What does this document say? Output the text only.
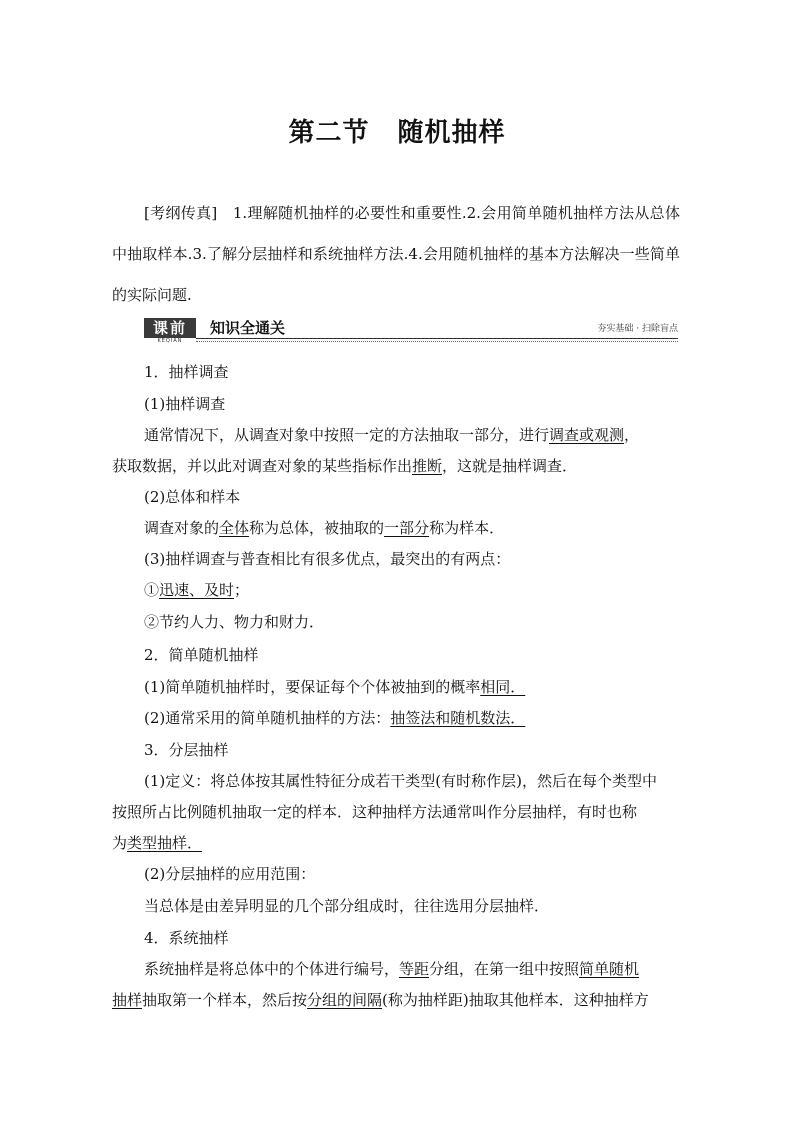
第二节 随机抽样
[考纲传真]　1.理解随机抽样的必要性和重要性.2.会用简单随机抽样方法从总体中抽取样本.3.了解分层抽样和系统抽样方法.4.会用随机抽样的基本方法解决一些简单的实际问题.
课前
KEQIAN
知识全通关	夯实基础 · 扫除盲点
1．抽样调查
(1)抽样调查
通常情况下，从调查对象中按照一定的方法抽取一部分，进行调查或观测，
获取数据，并以此对调查对象的某些指标作出推断，这就是抽样调查．
(2)总体和样本
调查对象的全体称为总体，被抽取的一部分称为样本．
(3)抽样调查与普查相比有很多优点，最突出的有两点：
①迅速、及时；
②节约人力、物力和财力．
2．简单随机抽样
(1)简单随机抽样时，要保证每个个体被抽到的概率相同．
(2)通常采用的简单随机抽样的方法：抽签法和随机数法．
3．分层抽样
(1)定义：将总体按其属性特征分成若干类型(有时称作层)，然后在每个类型中
按照所占比例随机抽取一定的样本．这种抽样方法通常叫作分层抽样，有时也称
为类型抽样．
(2)分层抽样的应用范围：
当总体是由差异明显的几个部分组成时，往往选用分层抽样．
4．系统抽样
系统抽样是将总体中的个体进行编号，等距分组，在第一组中按照简单随机
抽样抽取第一个样本，然后按分组的间隔(称为抽样距)抽取其他样本．这种抽样方
